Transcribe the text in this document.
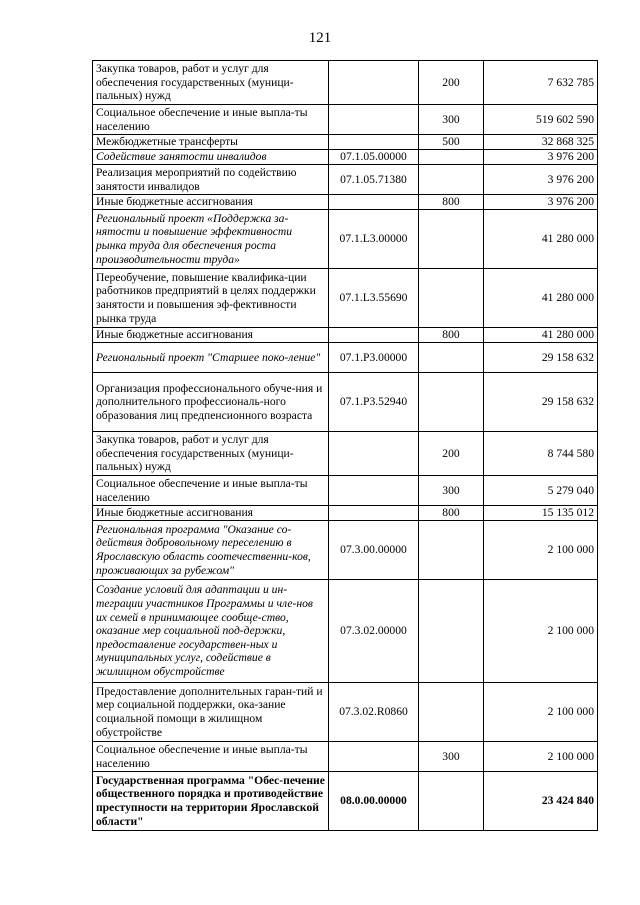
121
Закупка товаров, работ и услуг для обеспечения государственных (муници-пальных) нужд		200	7 632 785
Социальное обеспечение и иные выпла-ты населению		300	519 602 590
Межбюджетные трансферты		500	32 868 325
Содействие занятости инвалидов	07.1.05.00000		3 976 200
Реализация мероприятий по содействию занятости инвалидов	07.1.05.71380		3 976 200
Иные бюджетные ассигнования		800	3 976 200
Региональный проект «Поддержка за-нятости и повышение эффективности рынка труда для обеспечения роста производительности труда»	07.1.L3.00000		41 280 000
Переобучение, повышение квалифика-ции работников предприятий в целях поддержки занятости и повышения эф-фективности рынка труда	07.1.L3.55690		41 280 000
Иные бюджетные ассигнования		800	41 280 000
Региональный проект "Старшее поко-ление"	07.1.P3.00000		29 158 632
Организация профессионального обуче-ния и дополнительного профессиональ-ного образования лиц предпенсионного возраста	07.1.P3.52940		29 158 632
Закупка товаров, работ и услуг для обеспечения государственных (муници-пальных) нужд		200	8 744 580
Социальное обеспечение и иные выпла-ты населению		300	5 279 040
Иные бюджетные ассигнования		800	15 135 012
Региональная программа "Оказание со-действия добровольному переселению в Ярославскую область соотечественни-ков, проживающих за рубежом"	07.3.00.00000		2 100 000
Создание условий для адаптации и ин-теграции участников Программы и чле-нов их семей в принимающее сообще-ство, оказание мер социальной под-держки, предоставление государствен-ных и муниципальных услуг, содействие в жилищном обустройстве	07.3.02.00000		2 100 000
Предоставление дополнительных гаран-тий и мер социальной поддержки, ока-зание социальной помощи в жилищном обустройстве	07.3.02.R0860		2 100 000
Социальное обеспечение и иные выпла-ты населению		300	2 100 000
Государственная программа "Обес-печение общественного порядка и противодействие преступности на территории Ярославской области"	08.0.00.00000		23 424 840
